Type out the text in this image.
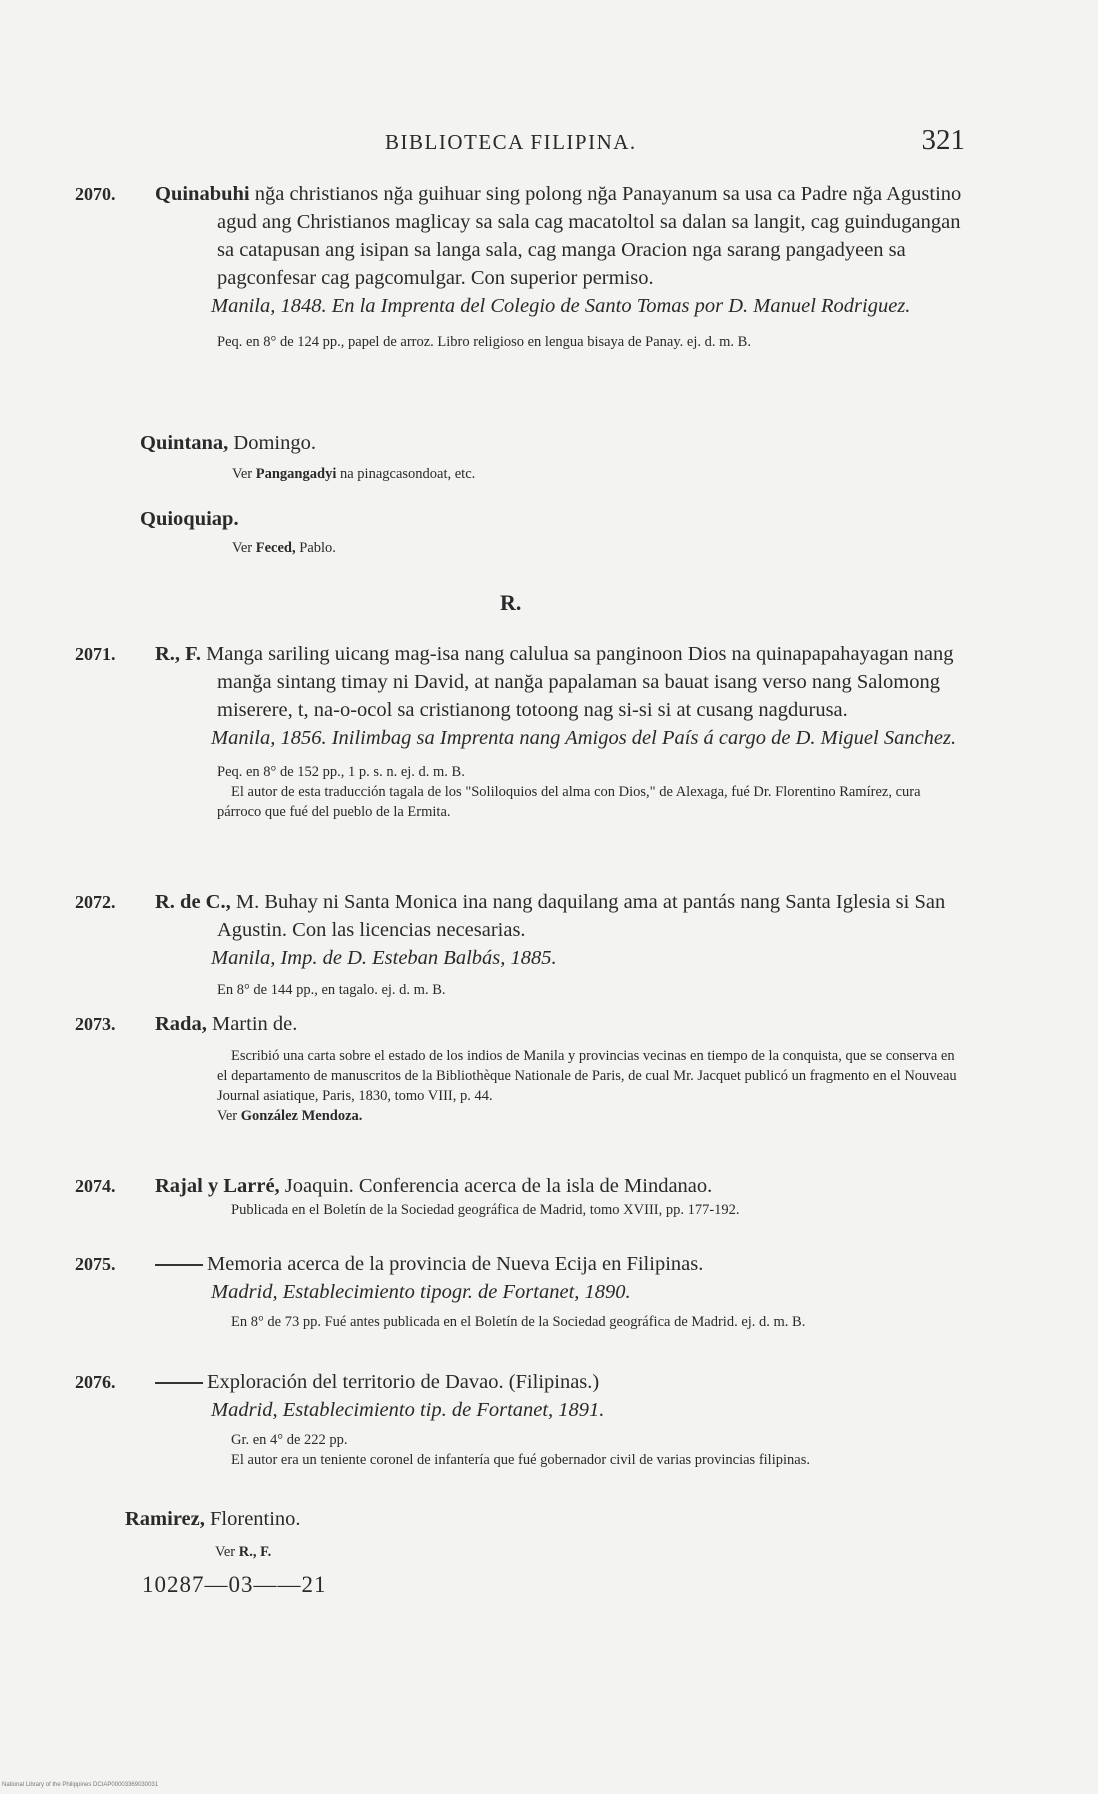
BIBLIOTECA FILIPINA.	321
2070. Quinabuhi nğa christianos nğa guihuar sing polong nğa Panayanum sa usa ca Padre nğa Agustino agud ang Christianos maglicay sa sala cag macatoltol sa dalan sa langit, cag guindugangan sa catapusan ang isipan sa langa sala, cag manga Oracion nga sarang pangadyeen sa pagconfesar cag pagcomulgar. Con superior permiso.
Manila, 1848. En la Imprenta del Colegio de Santo Tomas por D. Manuel Rodriguez.
Peq. en 8° de 124 pp., papel de arroz. Libro religioso en lengua bisaya de Panay. ej. d. m. B.
Quintana, Domingo.
Ver Pangangadyi na pinagcasondoat, etc.
Quioquiap.
Ver Feced, Pablo.
R.
2071. R., F. Manga sariling uicang mag-isa nang calulua sa panginoon Dios na quinapapahayagan nang manğa sintang timay ni David, at nanğa papalaman sa bauat isang verso nang Salomong miserere, t, na-o-ocol sa cristianong totoong nag si-si si at cusang nagdurusa.
Manila, 1856. Inilimbag sa Imprenta nang Amigos del País á cargo de D. Miguel Sanchez.
Peq. en 8° de 152 pp., 1 p. s. n. ej. d. m. B.
El autor de esta traducción tagala de los "Soliloquios del alma con Dios," de Alexaga, fué Dr. Florentino Ramírez, cura párroco que fué del pueblo de la Ermita.
2072. R. de C., M. Buhay ni Santa Monica ina nang daquilang ama at pantás nang Santa Iglesia si San Agustin. Con las licencias necesarias.
Manila, Imp. de D. Esteban Balbás, 1885.
En 8° de 144 pp., en tagalo. ej. d. m. B.
2073. Rada, Martin de.
Escribió una carta sobre el estado de los indios de Manila y provincias vecinas en tiempo de la conquista, que se conserva en el departamento de manuscritos de la Bibliothèque Nationale de Paris, de cual Mr. Jacquet publicó un fragmento en el Nouveau Journal asiatique, Paris, 1830, tomo VIII, p. 44.
Ver González Mendoza.
2074. Rajal y Larré, Joaquin. Conferencia acerca de la isla de Mindanao.
Publicada en el Boletín de la Sociedad geográfica de Madrid, tomo XVIII, pp. 177-192.
2075.	Memoria acerca de la provincia de Nueva Ecija en Filipinas.
Madrid, Establecimiento tipogr. de Fortanet, 1890.
En 8° de 73 pp. Fué antes publicada en el Boletín de la Sociedad geográfica de Madrid. ej. d. m. B.
2076.	Exploración del territorio de Davao. (Filipinas.)
Madrid, Establecimiento tip. de Fortanet, 1891.
Gr. en 4° de 222 pp.
El autor era un teniente coronel de infantería que fué gobernador civil de varias provincias filipinas.
Ramirez, Florentino.
Ver R., F.
10287—03——21
National Library of the Philippines DCIAP00003369030031
